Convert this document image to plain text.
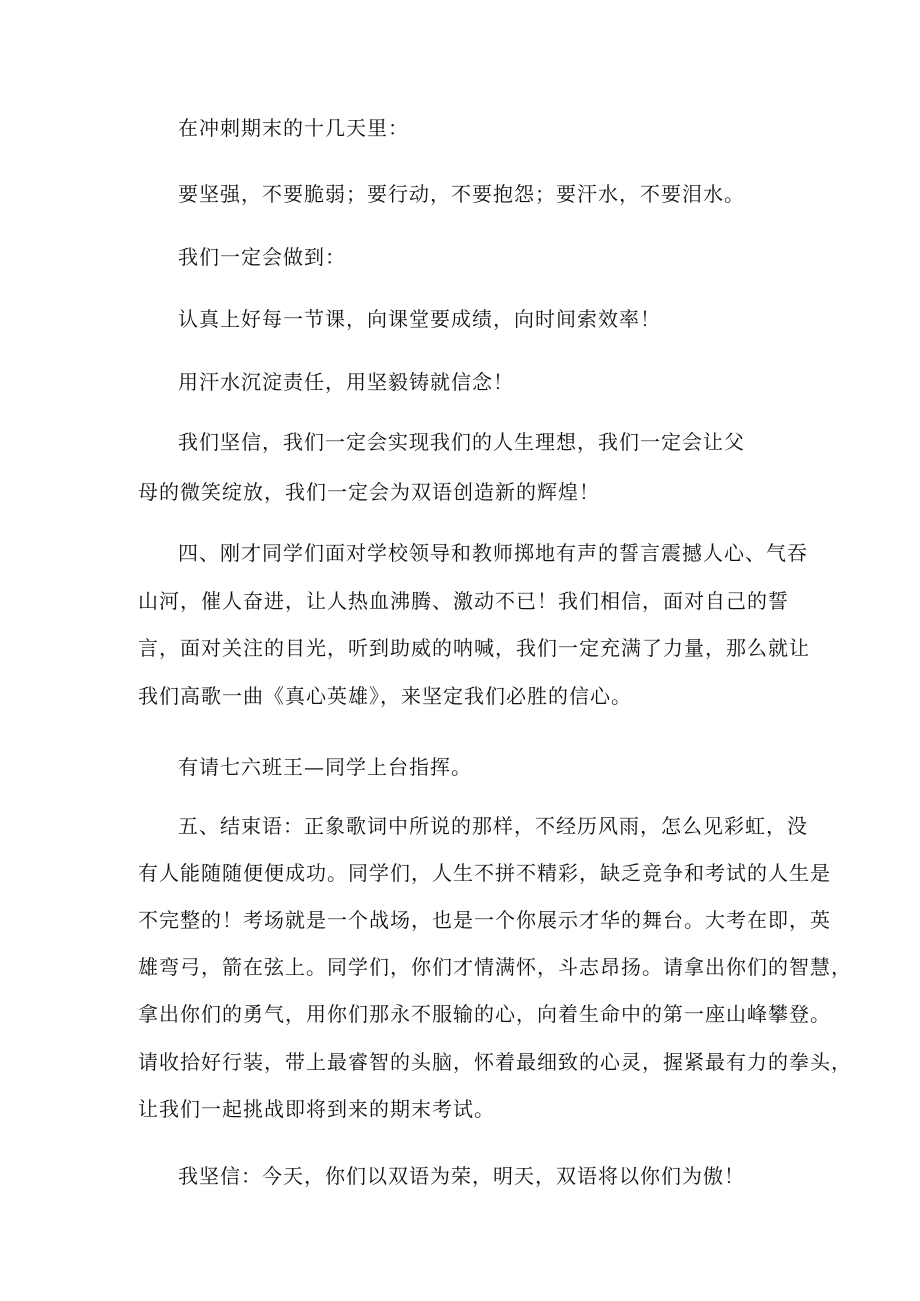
在冲刺期末的十几天里：
要坚强，不要脆弱；要行动，不要抱怨；要汗水，不要泪水。
我们一定会做到：
认真上好每一节课，向课堂要成绩，向时间索效率！
用汗水沉淀责任，用坚毅铸就信念！
我们坚信，我们一定会实现我们的人生理想，我们一定会让父
母的微笑绽放，我们一定会为双语创造新的辉煌！
四、刚才同学们面对学校领导和教师掷地有声的誓言震撼人心、气吞
山河，催人奋进，让人热血沸腾、激动不已！我们相信，面对自己的誓
言，面对关注的目光，听到助威的呐喊，我们一定充满了力量，那么就让
我们高歌一曲《真心英雄》，来坚定我们必胜的信心。
有请七六班王—同学上台指挥。
五、结束语：正象歌词中所说的那样，不经历风雨，怎么见彩虹，没
有人能随随便便成功。同学们，人生不拼不精彩，缺乏竞争和考试的人生是
不完整的！考场就是一个战场，也是一个你展示才华的舞台。大考在即，英
雄弯弓，箭在弦上。同学们，你们才情满怀，斗志昂扬。请拿出你们的智慧，
拿出你们的勇气，用你们那永不服输的心，向着生命中的第一座山峰攀登。
请收拾好行装，带上最睿智的头脑，怀着最细致的心灵，握紧最有力的拳头，
让我们一起挑战即将到来的期末考试。
我坚信：今天，你们以双语为荣，明天，双语将以你们为傲！
